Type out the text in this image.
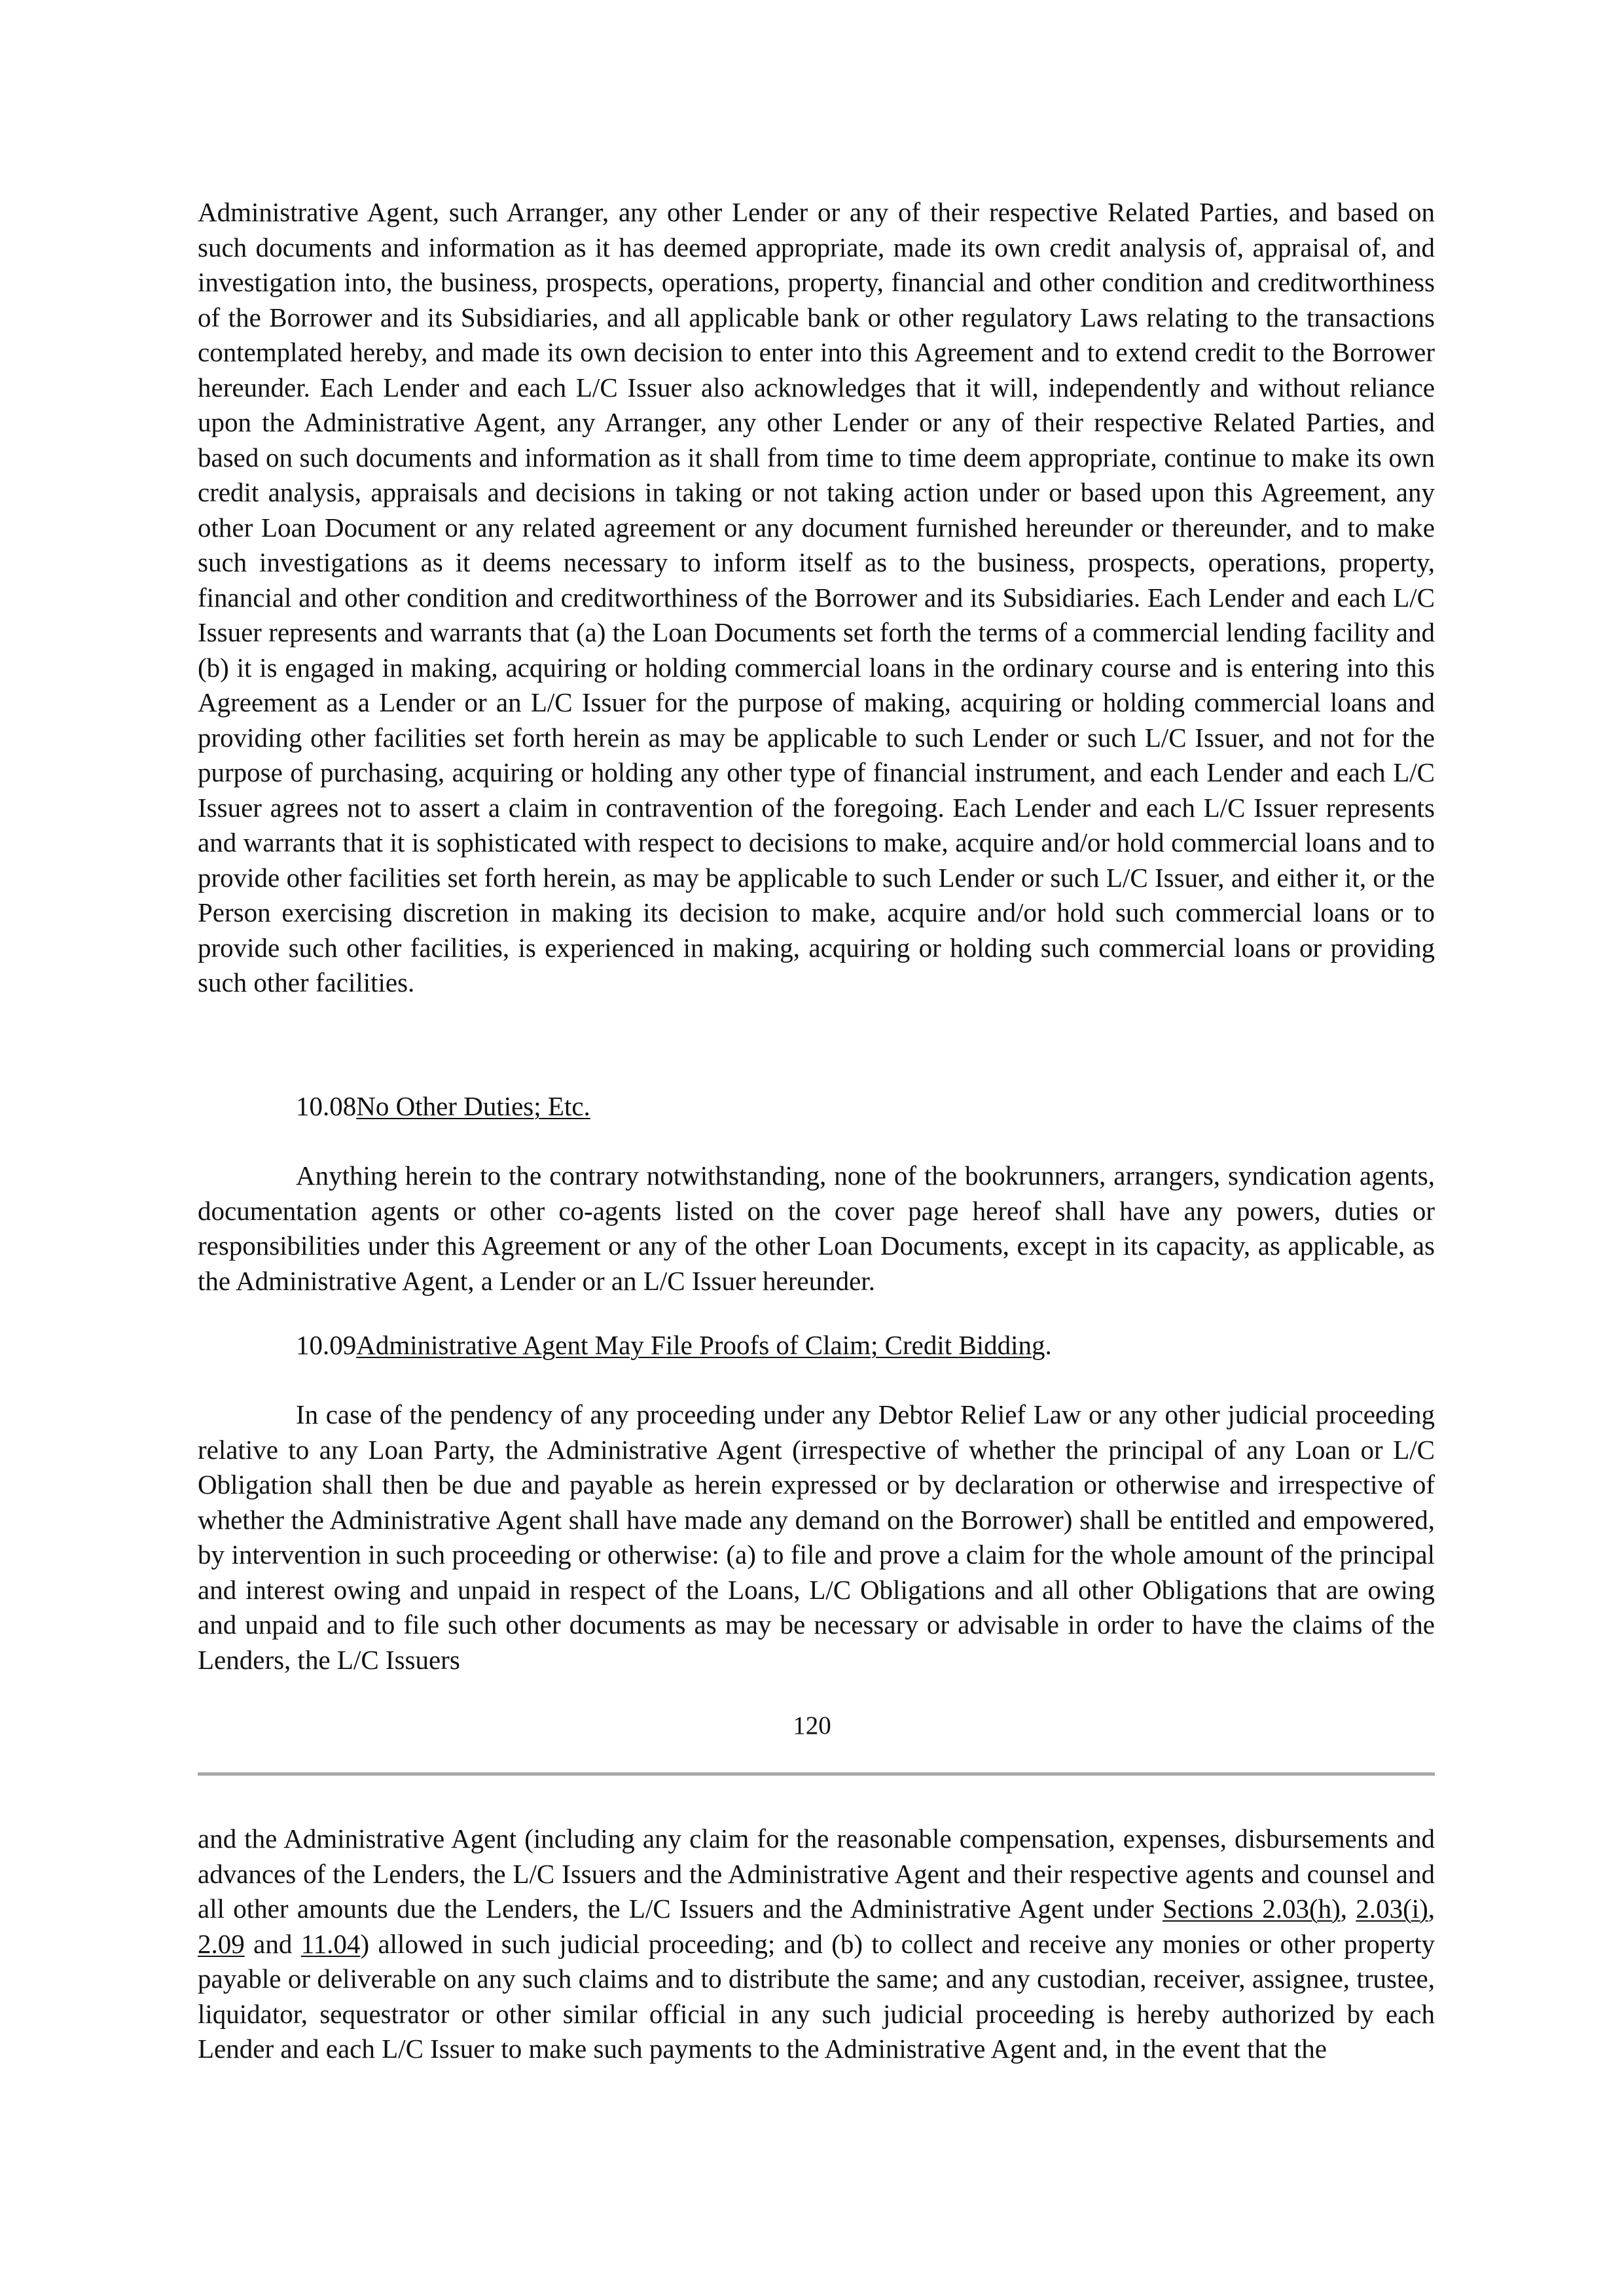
Administrative Agent, such Arranger, any other Lender or any of their respective Related Parties, and based on such documents and information as it has deemed appropriate, made its own credit analysis of, appraisal of, and investigation into, the business, prospects, operations, property, financial and other condition and creditworthiness of the Borrower and its Subsidiaries, and all applicable bank or other regulatory Laws relating to the transactions contemplated hereby, and made its own decision to enter into this Agreement and to extend credit to the Borrower hereunder. Each Lender and each L/C Issuer also acknowledges that it will, independently and without reliance upon the Administrative Agent, any Arranger, any other Lender or any of their respective Related Parties, and based on such documents and information as it shall from time to time deem appropriate, continue to make its own credit analysis, appraisals and decisions in taking or not taking action under or based upon this Agreement, any other Loan Document or any related agreement or any document furnished hereunder or thereunder, and to make such investigations as it deems necessary to inform itself as to the business, prospects, operations, property, financial and other condition and creditworthiness of the Borrower and its Subsidiaries. Each Lender and each L/C Issuer represents and warrants that (a) the Loan Documents set forth the terms of a commercial lending facility and (b) it is engaged in making, acquiring or holding commercial loans in the ordinary course and is entering into this Agreement as a Lender or an L/C Issuer for the purpose of making, acquiring or holding commercial loans and providing other facilities set forth herein as may be applicable to such Lender or such L/C Issuer, and not for the purpose of purchasing, acquiring or holding any other type of financial instrument, and each Lender and each L/C Issuer agrees not to assert a claim in contravention of the foregoing. Each Lender and each L/C Issuer represents and warrants that it is sophisticated with respect to decisions to make, acquire and/or hold commercial loans and to provide other facilities set forth herein, as may be applicable to such Lender or such L/C Issuer, and either it, or the Person exercising discretion in making its decision to make, acquire and/or hold such commercial loans or to provide such other facilities, is experienced in making, acquiring or holding such commercial loans or providing such other facilities.

10.08No Other Duties; Etc.

Anything herein to the contrary notwithstanding, none of the bookrunners, arrangers, syndication agents, documentation agents or other co-agents listed on the cover page hereof shall have any powers, duties or responsibilities under this Agreement or any of the other Loan Documents, except in its capacity, as applicable, as the Administrative Agent, a Lender or an L/C Issuer hereunder.

10.09Administrative Agent May File Proofs of Claim; Credit Bidding.

In case of the pendency of any proceeding under any Debtor Relief Law or any other judicial proceeding relative to any Loan Party, the Administrative Agent (irrespective of whether the principal of any Loan or L/C Obligation shall then be due and payable as herein expressed or by declaration or otherwise and irrespective of whether the Administrative Agent shall have made any demand on the Borrower) shall be entitled and empowered, by intervention in such proceeding or otherwise: (a) to file and prove a claim for the whole amount of the principal and interest owing and unpaid in respect of the Loans, L/C Obligations and all other Obligations that are owing and unpaid and to file such other documents as may be necessary or advisable in order to have the claims of the Lenders, the L/C Issuers

120

and the Administrative Agent (including any claim for the reasonable compensation, expenses, disbursements and advances of the Lenders, the L/C Issuers and the Administrative Agent and their respective agents and counsel and all other amounts due the Lenders, the L/C Issuers and the Administrative Agent under Sections 2.03(h), 2.03(i), 2.09 and 11.04) allowed in such judicial proceeding; and (b) to collect and receive any monies or other property payable or deliverable on any such claims and to distribute the same; and any custodian, receiver, assignee, trustee, liquidator, sequestrator or other similar official in any such judicial proceeding is hereby authorized by each Lender and each L/C Issuer to make such payments to the Administrative Agent and, in the event that the
